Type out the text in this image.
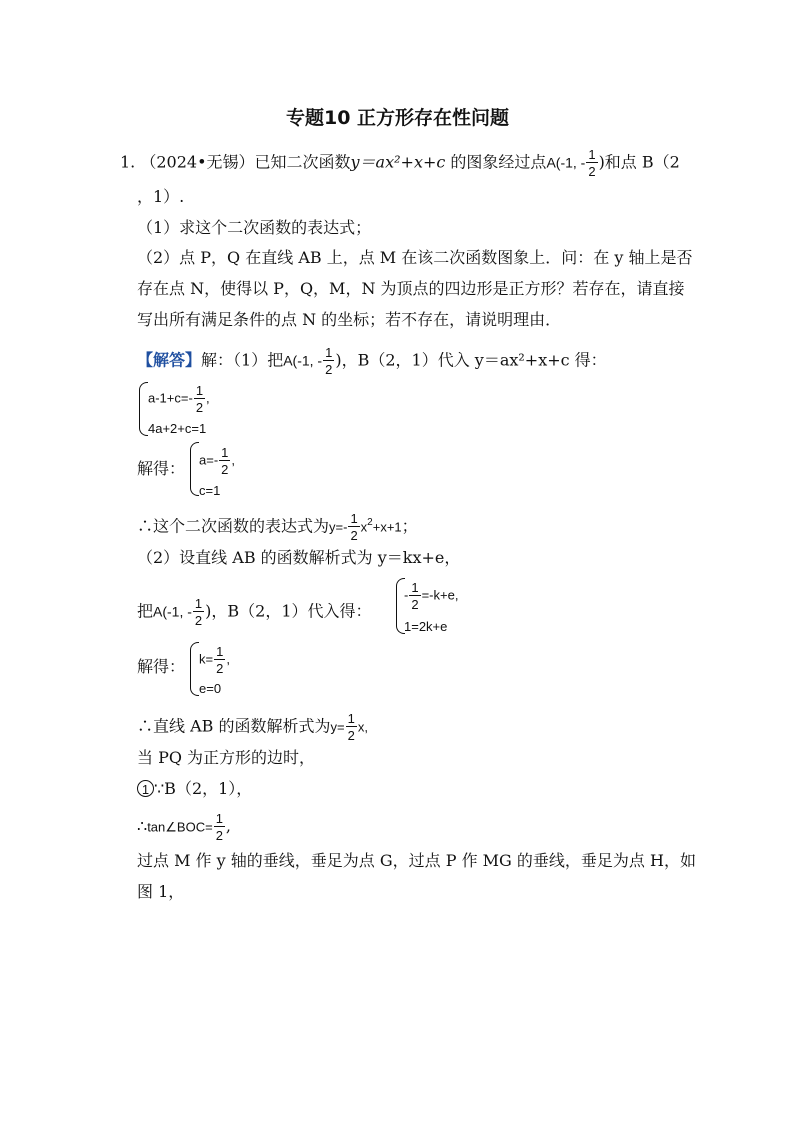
专题10 正方形存在性问题
1. （2024•无锡）已知二次函数y＝ax²+x+c 的图象经过点A(-1, - $\frac{1}{2}$ )和点 B（2
，1）.
（1）求这个二次函数的表达式；
（2）点 P，Q 在直线 AB 上，点 M 在该二次函数图象上．问：在 y 轴上是否
存在点 N，使得以 P，Q，M，N 为顶点的四边形是正方形？若存在，请直接
写出所有满足条件的点 N 的坐标；若不存在，请说明理由．
【解答】解：（1）把A(-1, - $\frac{1}{2}$ )，B（2，1）代入 y＝ax²+x+c 得：
$a-1+c=- \frac{1}{2}$ ,
4a+2+c=1
解得： $a=- \frac{1}{2}$ ,
c=1
∴这个二次函数的表达式为$y=- \frac{1}{2} x^2+x+1$；
（2）设直线 AB 的函数解析式为 y＝kx+e，
把A(-1, - $\frac{1}{2}$ )，B（2，1）代入得：
- $\frac{1}{2} =-k+e$,
1=2k+e
解得： $k= \frac{1}{2}$ ,
e=0
∴直线 AB 的函数解析式为$y= \frac{1}{2} x$,
当 PQ 为正方形的边时，
1 ∵B（2，1），
∴tan∠BOC= $\frac{1}{2}$ ,
过点 M 作 y 轴的垂线，垂足为点 G，过点 P 作 MG 的垂线，垂足为点 H，如
图 1，
